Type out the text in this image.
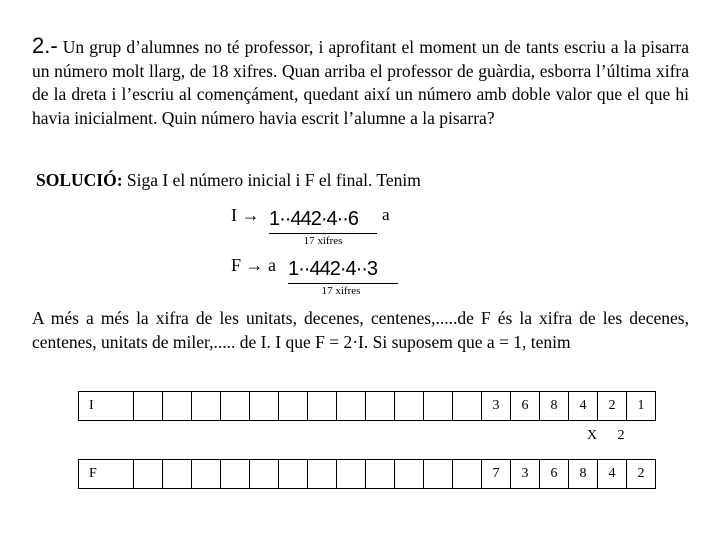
2.- Un grup d’alumnes no té professor, i aprofitant el moment un de tants escriu a la pisarra un número molt llarg, de 18 xifres. Quan arriba el professor de guàrdia, esborra l’última xifra de la dreta i l’escriu al començáment, quedant així un número amb doble valor que el que hi havia inicialment. Quin número havia escrit l’alumne a la pisarra?

SOLUCIÓ: Siga I el número inicial i F el final. Tenim
I → 1··442·4··6 a
17 xifres
F → a 1··442·4··3
17 xifres

A més a més la xifra de les unitats, decenes, centenes,.....de F és la xifra de les decenes, centenes, unitats de miler,..... de I. I que F = 2·I. Si suposem que a = 1, tenim

I													3	6	8	4	2	1
X	2
F													7	3	6	8	4	2
